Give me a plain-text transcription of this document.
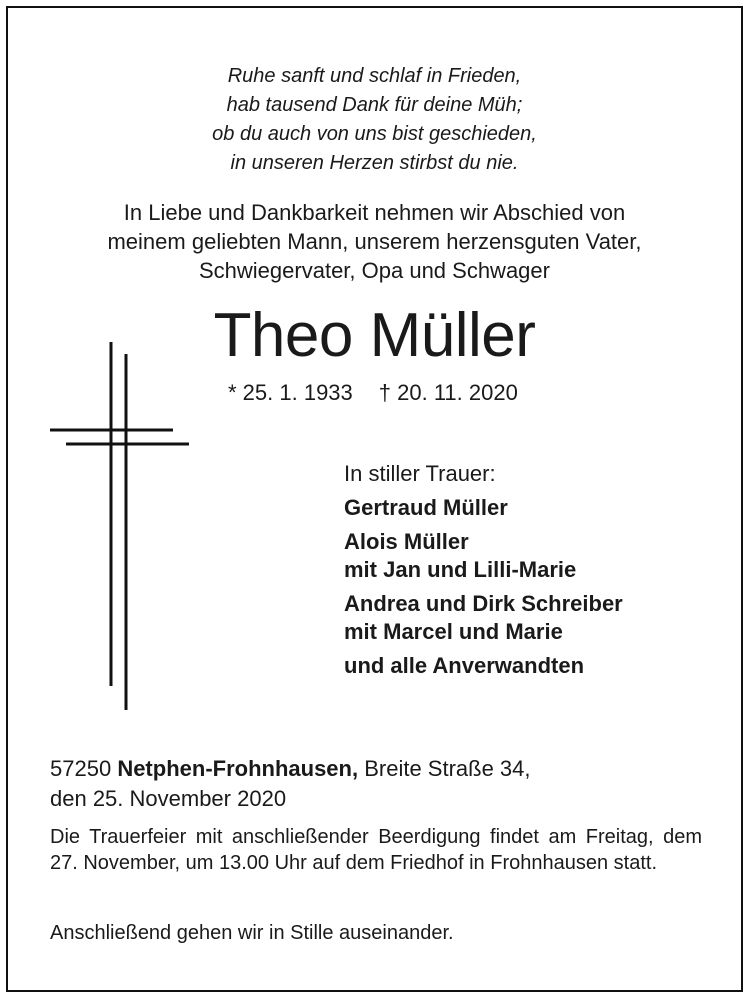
Ruhe sanft und schlaf in Frieden,
hab tausend Dank für deine Müh;
ob du auch von uns bist geschieden,
in unseren Herzen stirbst du nie.
In Liebe und Dankbarkeit nehmen wir Abschied von
meinem geliebten Mann, unserem herzensguten Vater,
Schwiegervater, Opa und Schwager
Theo Müller
* 25. 1. 1933 † 20. 11. 2020
In stiller Trauer:
Gertraud Müller
Alois Müller
mit Jan und Lilli-Marie
Andrea und Dirk Schreiber
mit Marcel und Marie
und alle Anverwandten
57250 Netphen-Frohnhausen, Breite Straße 34,
den 25. November 2020
Die Trauerfeier mit anschließender Beerdigung findet am Freitag, dem 27. November, um 13.00 Uhr auf dem Friedhof in Frohnhausen statt.
Anschließend gehen wir in Stille auseinander.
